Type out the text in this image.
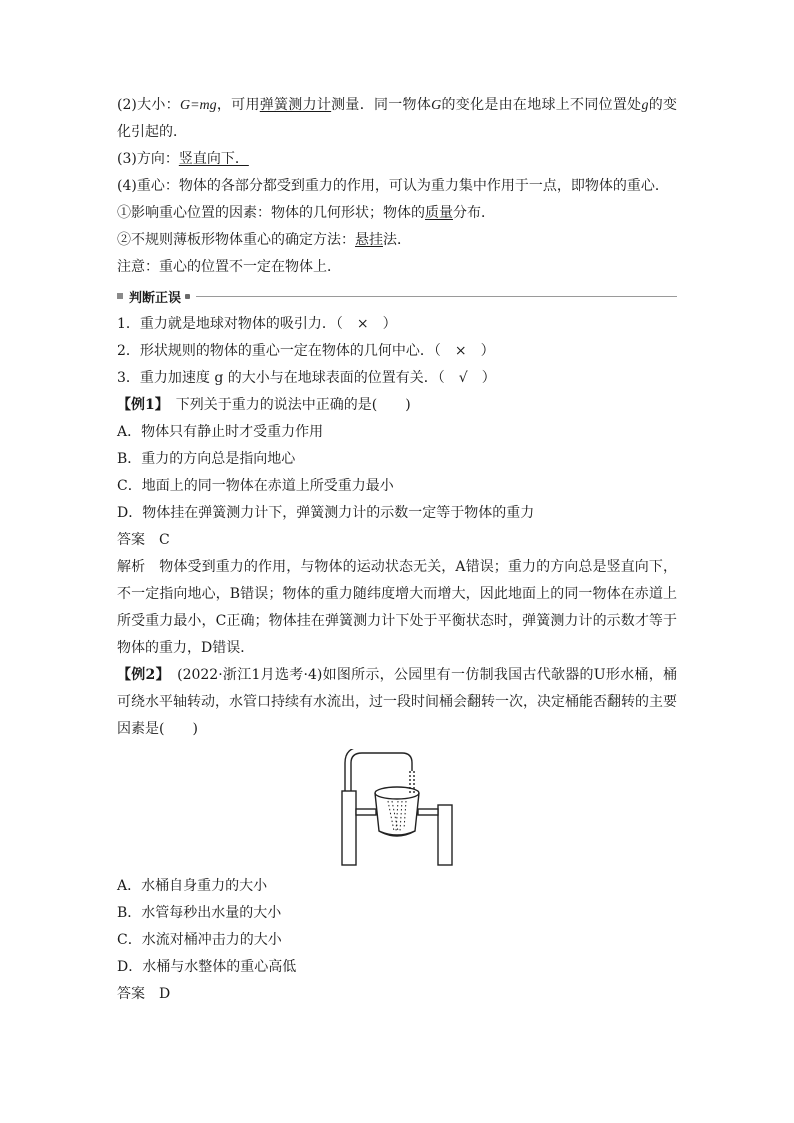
(2)大小：G=mg，可用弹簧测力计测量．同一物体G的变化是由在地球上不同位置处g的变化引起的．
(3)方向：竖直向下．
(4)重心：物体的各部分都受到重力的作用，可认为重力集中作用于一点，即物体的重心．
①影响重心位置的因素：物体的几何形状；物体的质量分布．
②不规则薄板形物体重心的确定方法：悬挂法．
注意：重心的位置不一定在物体上．
判断正误
1．重力就是地球对物体的吸引力．（　×　）
2．形状规则的物体的重心一定在物体的几何中心．（　×　）
3．重力加速度 g 的大小与在地球表面的位置有关．（　√　）
【例1】　下列关于重力的说法中正确的是(　　)
A．物体只有静止时才受重力作用
B．重力的方向总是指向地心
C．地面上的同一物体在赤道上所受重力最小
D．物体挂在弹簧测力计下，弹簧测力计的示数一定等于物体的重力
答案　C
解析　物体受到重力的作用，与物体的运动状态无关，A错误；重力的方向总是竖直向下，不一定指向地心，B错误；物体的重力随纬度增大而增大，因此地面上的同一物体在赤道上所受重力最小，C正确；物体挂在弹簧测力计下处于平衡状态时，弹簧测力计的示数才等于物体的重力，D错误．
【例2】　(2022·浙江1月选考·4)如图所示，公园里有一仿制我国古代欹器的U形水桶，桶可绕水平轴转动，水管口持续有水流出，过一段时间桶会翻转一次，决定桶能否翻转的主要因素是(　　)
A．水桶自身重力的大小
B．水管每秒出水量的大小
C．水流对桶冲击力的大小
D．水桶与水整体的重心高低
答案　D
